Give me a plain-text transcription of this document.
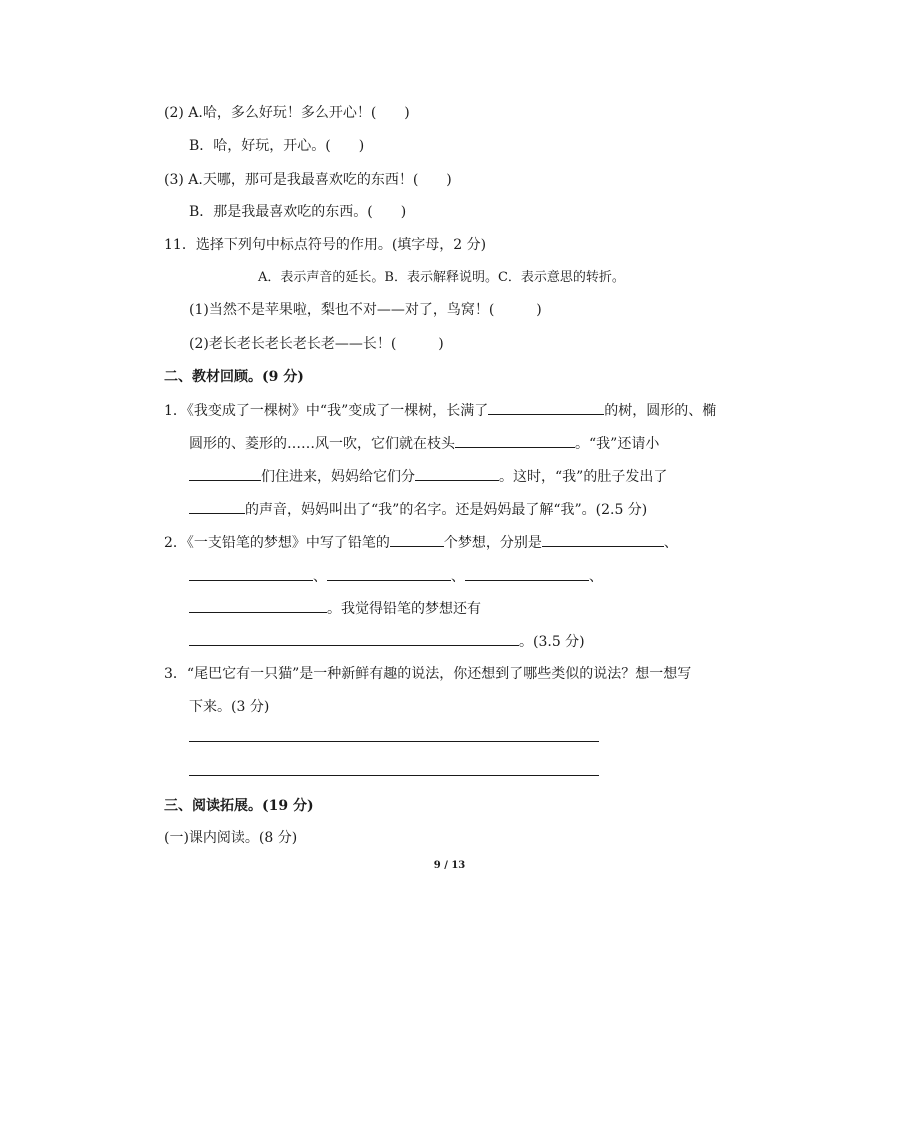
(2) A.哈，多么好玩！多么开心！(　　)
B．哈，好玩，开心。(　　)
(3) A.天哪，那可是我最喜欢吃的东西！(　　)
B．那是我最喜欢吃的东西。(　　)
11．选择下列句中标点符号的作用。(填字母，2 分)
A．表示声音的延长。B．表示解释说明。C．表示意思的转折。
(1)当然不是苹果啦，梨也不对——对了，鸟窝！(　　　)
(2)老长老长老长老长老——长！(　　　)
二、教材回顾。(9 分)
1．《我变成了一棵树》中“我”变成了一棵树，长满了	的树，圆形的、椭
圆形的、菱形的……风一吹，它们就在枝头	。“我”还请小
们住进来，妈妈给它们分	。这时，“我”的肚子发出了
的声音，妈妈叫出了“我”的名字。还是妈妈最了解“我”。(2.5 分)
2．《一支铅笔的梦想》中写了铅笔的	个梦想，分别是	、
、	、	、
。我觉得铅笔的梦想还有
。(3.5 分)
3．“尾巴它有一只猫”是一种新鲜有趣的说法，你还想到了哪些类似的说法？想一想写
下来。(3 分)
三、阅读拓展。(19 分)
(一)课内阅读。(8 分)
9 / 13
